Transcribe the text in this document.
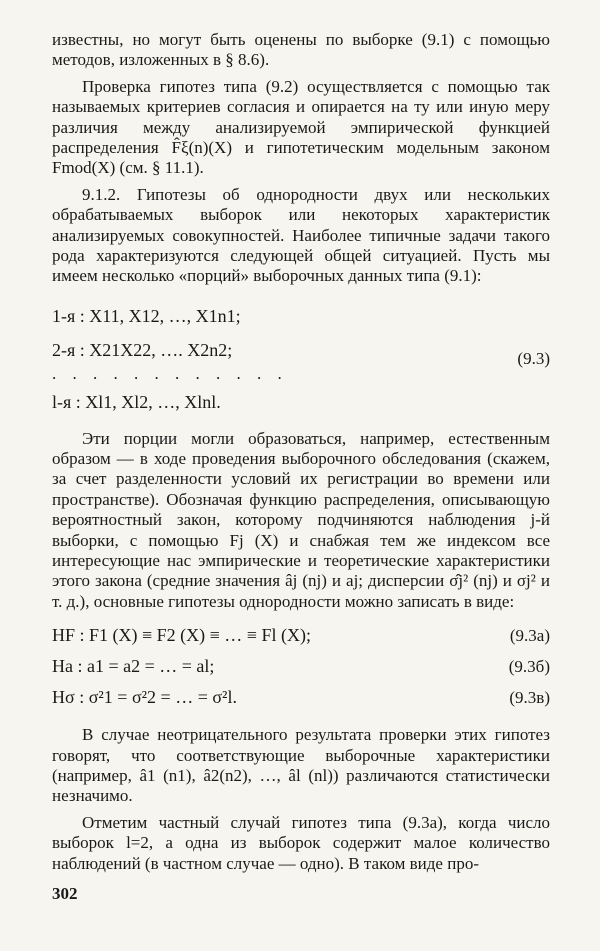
известны, но могут быть оценены по выборке (9.1) с помощью методов, изложенных в § 8.6).

Проверка гипотез типа (9.2) осуществляется с помощью так называемых критериев согласия и опирается на ту или иную меру различия между анализируемой эмпирической функцией распределения F̂ξ(n)(X) и гипотетическим модельным законом Fmod(X) (см. § 11.1).

9.1.2. Гипотезы об однородности двух или нескольких обрабатываемых выборок или некоторых характеристик анализируемых совокупностей. Наиболее типичные задачи такого рода характеризуются следующей общей ситуацией. Пусть мы имеем несколько «порций» выборочных данных типа (9.1):

1-я : X11, X12, …, X1n1;
2-я : X21X22, …. X2n2;
. . . . . . . . . . . .
l-я : Xl1, Xl2, …, Xlnl.
(9.3)

Эти порции могли образоваться, например, естественным образом — в ходе проведения выборочного обследования (скажем, за счет разделенности условий их регистрации во времени или пространстве). Обозначая функцию распределения, описывающую вероятностный закон, которому подчиняются наблюдения j-й выборки, с помощью Fj (X) и снабжая тем же индексом все интересующие нас эмпирические и теоретические характеристики этого закона (средние значения âj (nj) и aj; дисперсии σ̂j² (nj) и σj² и т. д.), основные гипотезы однородности можно записать в виде:

HF : F1 (X) ≡ F2 (X) ≡ … ≡ Fl (X);	(9.3а)
Ha : a1 = a2 = … = al;	(9.3б)
Hσ : σ²1 = σ²2 = … = σ²l.	(9.3в)

В случае неотрицательного результата проверки этих гипотез говорят, что соответствующие выборочные характеристики (например, â1 (n1), â2(n2), …, âl (nl)) различаются статистически незначимо.

Отметим частный случай гипотез типа (9.3а), когда число выборок l=2, а одна из выборок содержит малое количество наблюдений (в частном случае — одно). В таком виде про-

302
